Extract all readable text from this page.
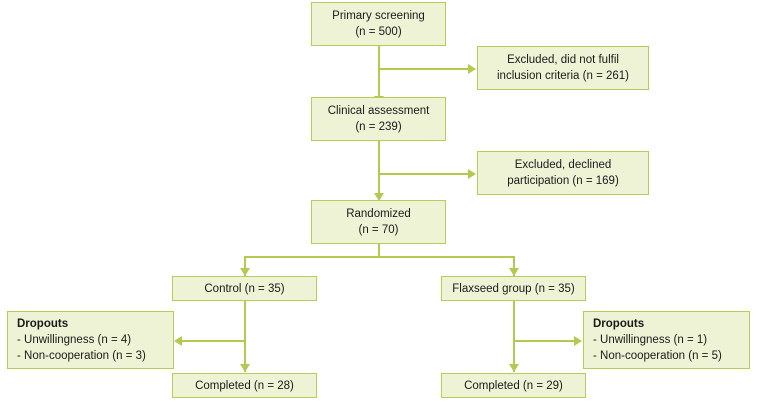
Primary screening
(n = 500)
Excluded, did not fulfil
inclusion criteria (n = 261)
Clinical assessment
(n = 239)
Excluded, declined
participation (n = 169)
Randomized
(n = 70)
Control (n = 35)	Flaxseed group (n = 35)
Dropouts
- Unwillingness (n = 4)
- Non-cooperation (n = 3)
Dropouts
- Unwillingness (n = 1)
- Non-cooperation (n = 5)
Completed (n = 28)	Completed (n = 29)
